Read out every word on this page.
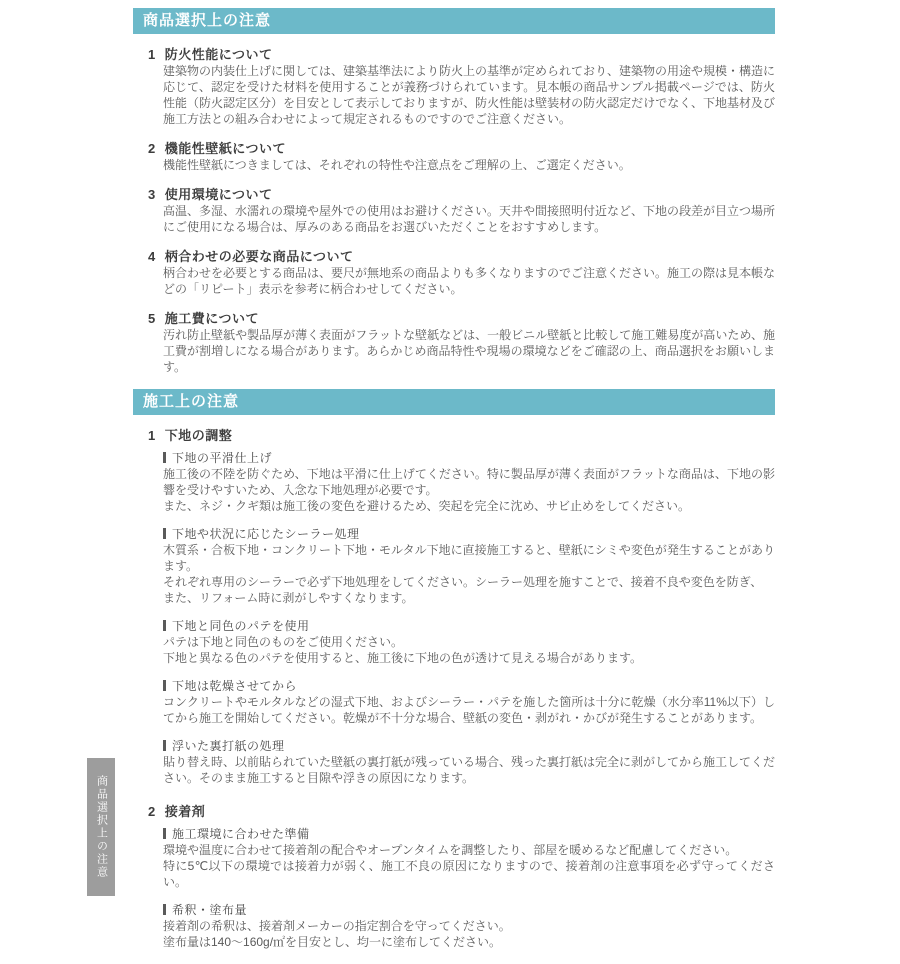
商品選択上の注意
1 防火性能について

建築物の内装仕上げに関しては、建築基準法により防火上の基準が定められており、建築物の用途や規模・構造に応じて、認定を受けた材料を使用することが義務づけられています。見本帳の商品サンプル掲載ページでは、防火性能（防火認定区分）を目安として表示しておりますが、防火性能は壁装材の防火認定だけでなく、下地基材及び施工方法との組み合わせによって規定されるものですのでご注意ください。

2 機能性壁紙について

機能性壁紙につきましては、それぞれの特性や注意点をご理解の上、ご選定ください。

3 使用環境について

高温、多湿、水濡れの環境や屋外での使用はお避けください。天井や間接照明付近など、下地の段差が目立つ場所にご使用になる場合は、厚みのある商品をお選びいただくことをおすすめします。

4 柄合わせの必要な商品について

柄合わせを必要とする商品は、要尺が無地系の商品よりも多くなりますのでご注意ください。施工の際は見本帳などの「リピート」表示を参考に柄合わせしてください。

5 施工費について

汚れ防止壁紙や製品厚が薄く表面がフラットな壁紙などは、一般ビニル壁紙と比較して施工難易度が高いため、施工費が割増しになる場合があります。あらかじめ商品特性や現場の環境などをご確認の上、商品選択をお願いします。

施工上の注意
1 下地の調整
下地の平滑仕上げ

施工後の不陸を防ぐため、下地は平滑に仕上げてください。特に製品厚が薄く表面がフラットな商品は、下地の影響を受けやすいため、入念な下地処理が必要です。

また、ネジ・クギ類は施工後の変色を避けるため、突起を完全に沈め、サビ止めをしてください。

下地や状況に応じたシーラー処理

木質系・合板下地・コンクリート下地・モルタル下地に直接施工すると、壁紙にシミや変色が発生することがあります。

それぞれ専用のシーラーで必ず下地処理をしてください。シーラー処理を施すことで、接着不良や変色を防ぎ、

また、リフォーム時に剥がしやすくなります。

下地と同色のパテを使用

パテは下地と同色のものをご使用ください。

下地と異なる色のパテを使用すると、施工後に下地の色が透けて見える場合があります。

下地は乾燥させてから

コンクリートやモルタルなどの湿式下地、およびシーラー・パテを施した箇所は十分に乾燥（水分率11%以下）してから施工を開始してください。乾燥が不十分な場合、壁紙の変色・剥がれ・かびが発生することがあります。

浮いた裏打紙の処理

貼り替え時、以前貼られていた壁紙の裏打紙が残っている場合、残った裏打紙は完全に剥がしてから施工してください。そのまま施工すると目隙や浮きの原因になります。

2 接着剤
施工環境に合わせた準備

環境や温度に合わせて接着剤の配合やオープンタイムを調整したり、部屋を暖めるなど配慮してください。

特に5℃以下の環境では接着力が弱く、施工不良の原因になりますので、接着剤の注意事項を必ず守ってください。

希釈・塗布量

接着剤の希釈は、接着剤メーカーの指定割合を守ってください。

塗布量は140～160g/㎡を目安とし、均一に塗布してください。

商品選択上の注意
